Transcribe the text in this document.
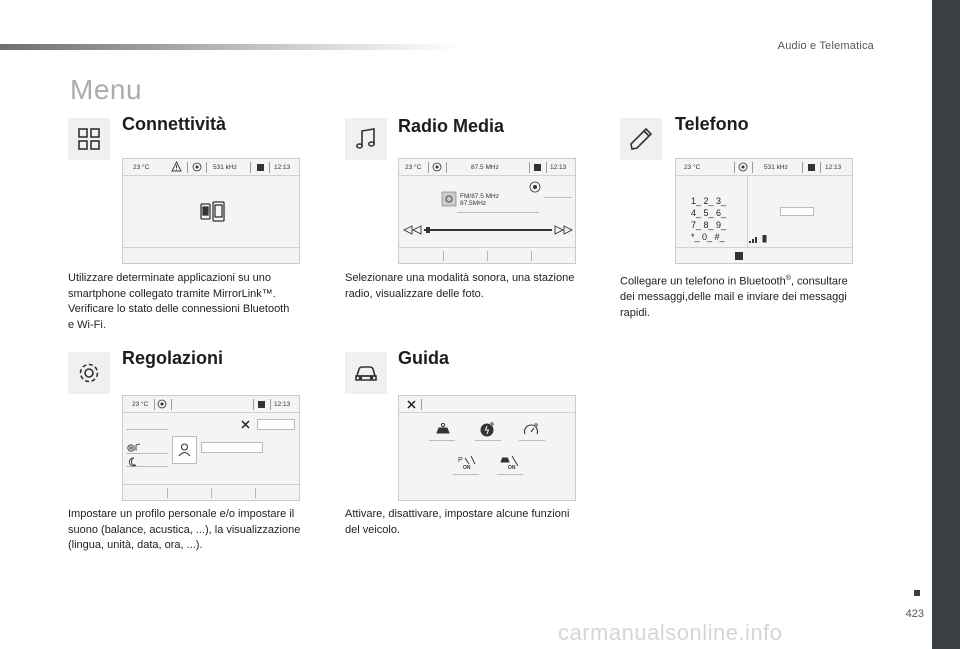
Audio e Telematica
Menu
Connettività
23 °C	531 kHz	12:13
Utilizzare determinate applicazioni su uno
smartphone collegato tramite MirrorLink™.
Verificare lo stato delle connessioni Bluetooth
e Wi-Fi.
Radio Media
23 °C	87.5 MHz	12:13
FM/87.5 MHz
87.5MHz
Selezionare una modalità sonora, una stazione
radio, visualizzare delle foto.
Telefono
23 °C	531 kHz	12:13
1_ 2_ 3_
4_ 5_ 6_
7_ 8_ 9_
*_ 0_ #_
Collegare un telefono in Bluetooth®, consultare
dei messaggi,delle mail e inviare dei messaggi
rapidi.
Regolazioni
23 °C	12:13
Impostare un profilo personale e/o impostare il
suono (balance, acustica, ...), la visualizzazione
(lingua, unità, data, ora, ...).
Guida
P
ON	ON
Attivare, disattivare, impostare alcune funzioni
del veicolo.
423
carmanualsonline.info
